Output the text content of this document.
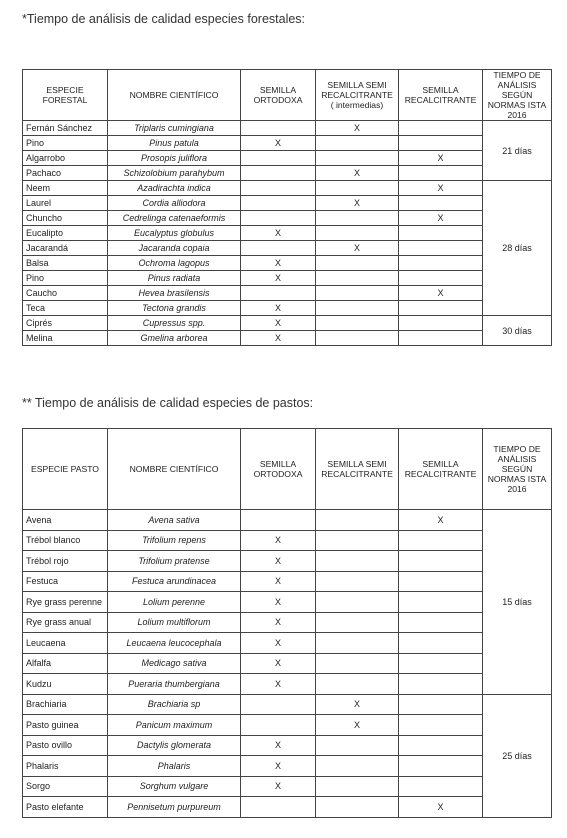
*Tiempo de análisis de calidad especies forestales:
ESPECIE FORESTAL	NOMBRE CIENTÍFICO	SEMILLA ORTODOXA	SEMILLA SEMI RECALCITRANTE ( intermedias)	SEMILLA RECALCITRANTE	TIEMPO DE ANÁLISIS SEGÚN NORMAS ISTA 2016
Fernán Sánchez	Triplaris cumingiana		X		21 días
Pino	Pinus patula	X			
Algarrobo	Prosopis juliflora			X	
Pachaco	Schizolobium parahybum		X		
Neem	Azadirachta indica			X	28 días
Laurel	Cordia alliodora		X		
Chuncho	Cedrelinga catenaeformis			X	
Eucalipto	Eucalyptus globulus	X			
Jacarandá	Jacaranda copaia		X		
Balsa	Ochroma lagopus	X			
Pino	Pinus radiata	X			
Caucho	Hevea brasilensis			X	
Teca	Tectona grandis	X			
Ciprés	Cupressus spp.	X			30 días
Melina	Gmelina arborea	X			
** Tiempo de análisis de calidad especies de pastos:
ESPECIE PASTO	NOMBRE CIENTÍFICO	SEMILLA ORTODOXA	SEMILLA SEMI RECALCITRANTE	SEMILLA RECALCITRANTE	TIEMPO DE ANÁLISIS SEGÚN NORMAS ISTA 2016
Avena	Avena sativa			X	15 días
Trébol blanco	Trifolium repens	X			
Trébol rojo	Trifolium pratense	X			
Festuca	Festuca arundinacea	X			
Rye grass perenne	Lolium perenne	X			
Rye grass anual	Lolium multiflorum	X			
Leucaena	Leucaena leucocephala	X			
Alfalfa	Medicago sativa	X			
Kudzu	Pueraria thumbergiana	X			
Brachiaria	Brachiaria sp		X		25 días
Pasto guinea	Panicum maximum		X		
Pasto ovillo	Dactylis glomerata	X			
Phalaris	Phalaris	X			
Sorgo	Sorghum vulgare	X			
Pasto elefante	Pennisetum purpureum			X	
